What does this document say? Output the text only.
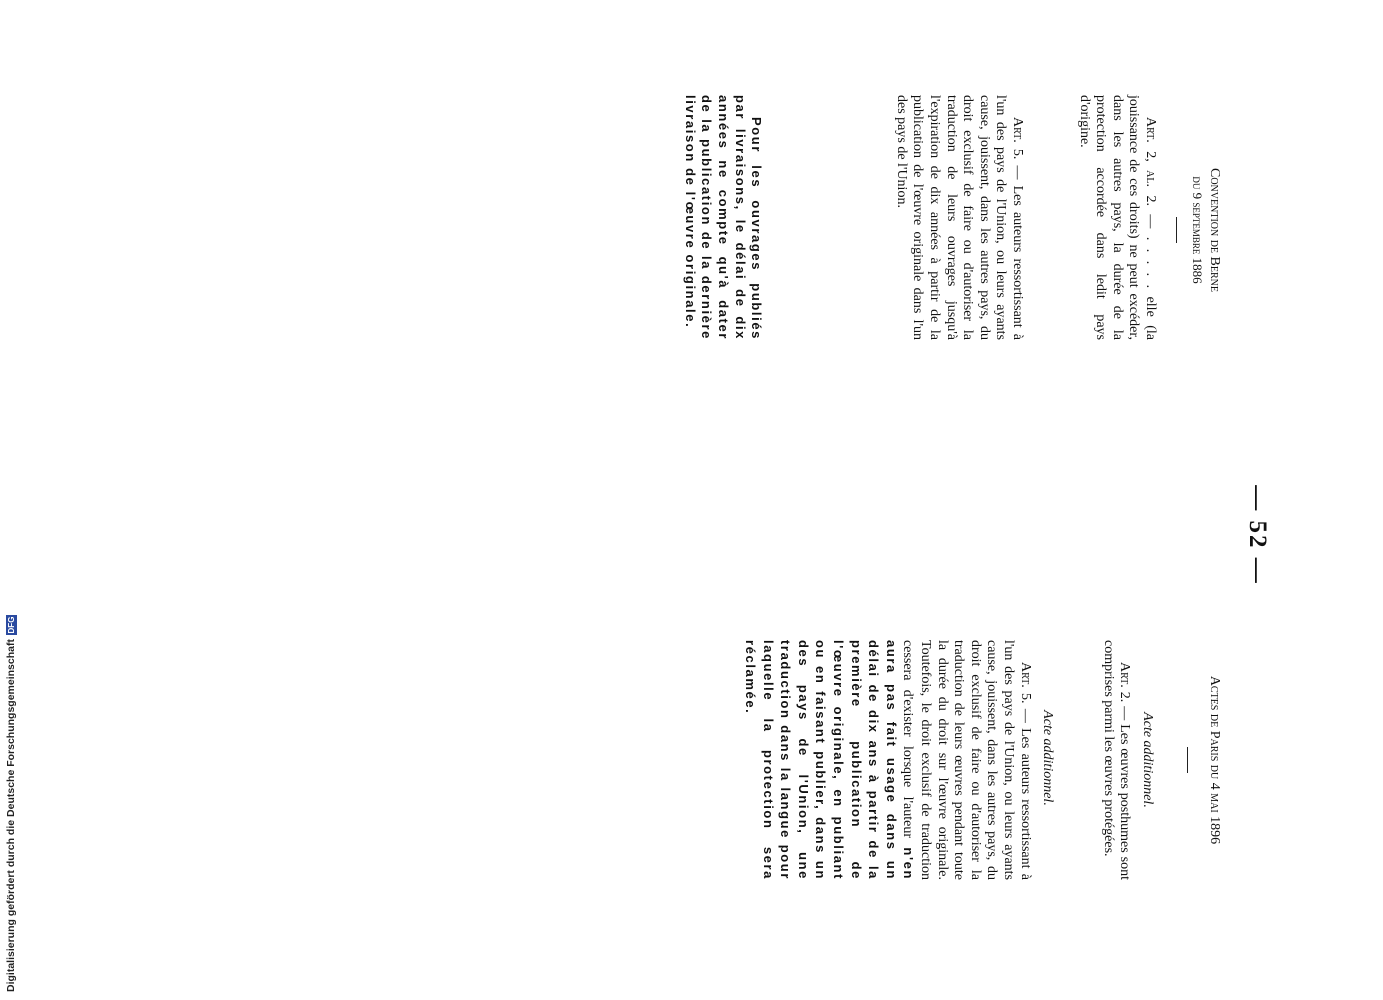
— 52 —
Convention de Berne
du 9 septembre 1886

Art. 2, al. 2. — . . . . . elle (la jouissance de ces droits) ne peut excéder, dans les autres pays, la durée de la protection accordée dans ledit pays d'origine.

Art. 5. — Les auteurs ressortissant à l'un des pays de l'Union, ou leurs ayants cause, jouissent, dans les autres pays, du droit exclusif de faire ou d'autoriser la traduction de leurs ouvrages jusqu'à l'expiration de dix années à partir de la publication de l'œuvre originale dans l'un des pays de l'Union.

Pour les ouvrages publiés par livraisons, le délai de dix années ne compte qu'à dater de la publication de la dernière livraison de l'œuvre originale.

Actes de Paris du 4 mai 1896
Acte additionnel.

Art. 2. — Les œuvres posthumes sont comprises parmi les œuvres protégées.

Acte additionnel.

Art. 5. — Les auteurs ressortissant à l'un des pays de l'Union, ou leurs ayants cause, jouissent, dans les autres pays, du droit exclusif de faire ou d'autoriser la traduction de leurs œuvres pendant toute la durée du droit sur l'œuvre originale. Toutefois, le droit exclusif de traduction cessera d'exister lorsque l'auteur n'en aura pas fait usage dans un délai de dix ans à partir de la première publication de l'œuvre originale, en publiant ou en faisant publier, dans un des pays de l'Union, une traduction dans la langue pour laquelle la protection sera réclamée.

Digitalisierung gefördert durch die Deutsche Forschungsgemeinschaft
DFG
